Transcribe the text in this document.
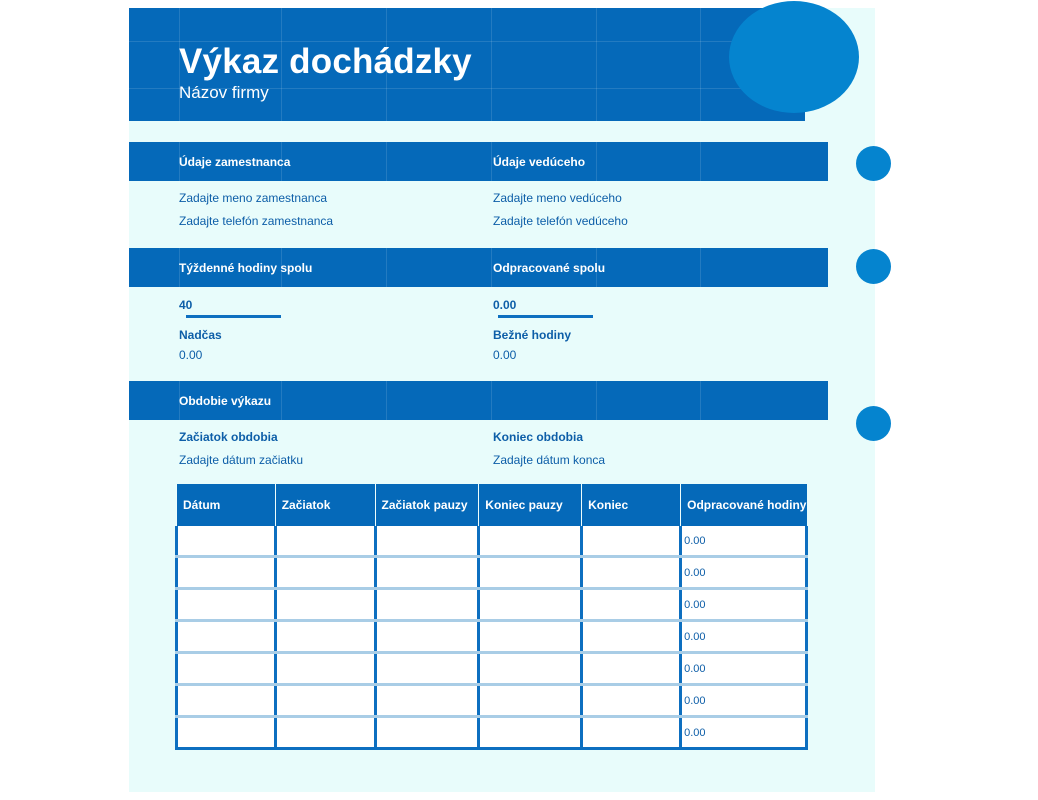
Výkaz dochádzky
Názov firmy
Údaje zamestnanca	Údaje vedúceho
Zadajte meno zamestnanca
Zadajte telefón zamestnanca
Zadajte meno vedúceho
Zadajte telefón vedúceho
Týždenné hodiny spolu	Odpracované spolu
40	0.00
Nadčas
0.00
Bežné hodiny
0.00
Obdobie výkazu
Začiatok obdobia
Zadajte dátum začiatku
Koniec obdobia
Zadajte dátum konca
Dátum	Začiatok	Začiatok pauzy	Koniec pauzy	Koniec	Odpracované hodiny
					0.00
					0.00
					0.00
					0.00
					0.00
					0.00
					0.00
